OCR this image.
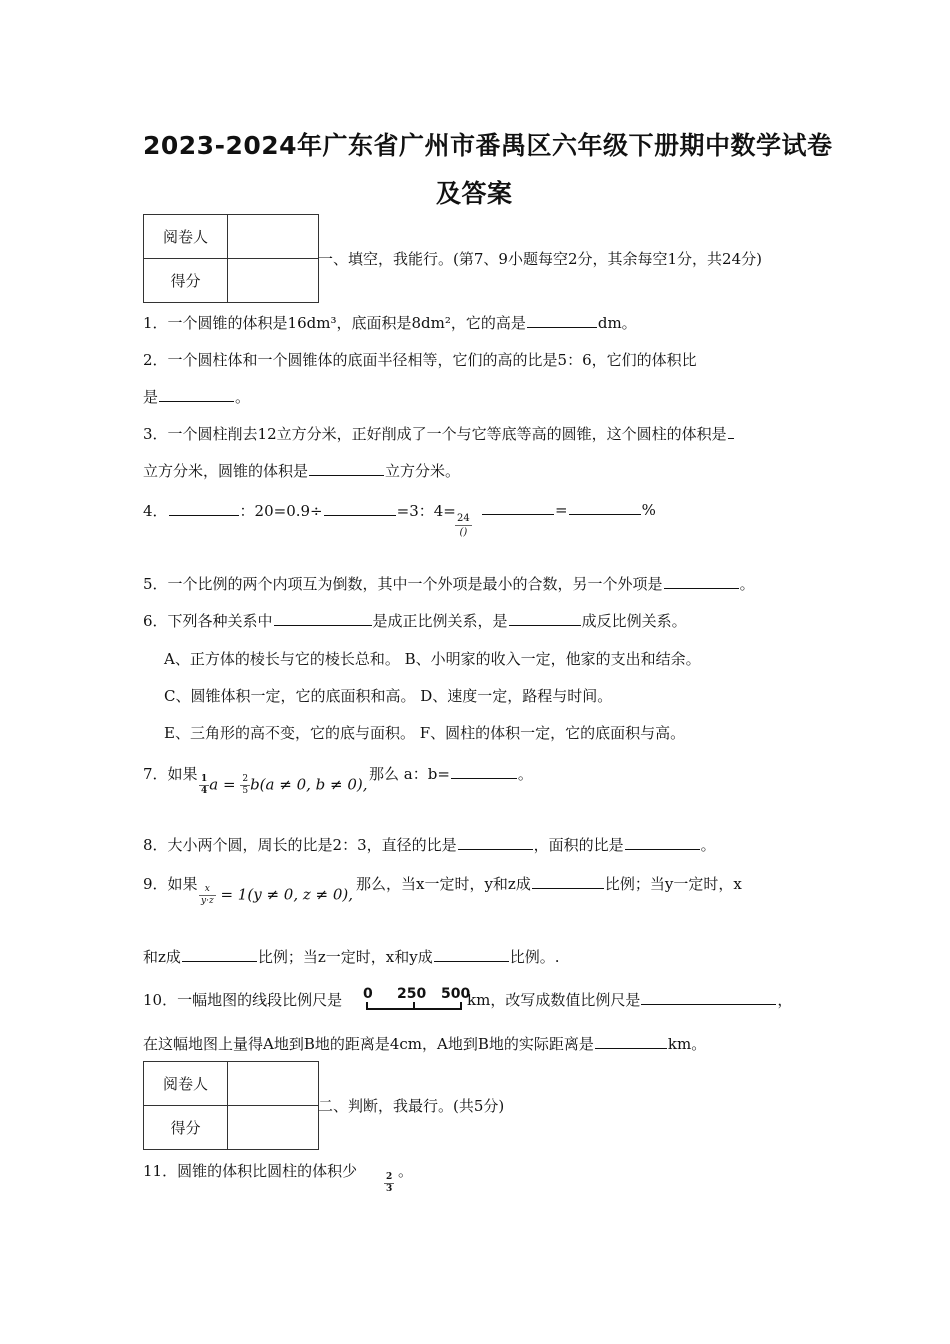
2023-2024年广东省广州市番禺区六年级下册期中数学试卷
及答案
阅卷人	
得分	
一、填空，我能行。(第7、9小题每空2分，其余每空1分，共24分)
1．一个圆锥的体积是16dm³，底面积是8dm²，它的高是	dm。
2．一个圆柱体和一个圆锥体的底面半径相等，它们的高的比是5：6，它们的体积比
是	。
3．一个圆柱削去12立方分米，正好削成了一个与它等底等高的圆锥，这个圆柱的体积是
立方分米，圆锥的体积是	立方分米。
4．	：20=0.9÷	=3：4=
$\frac{24}{()}$
=	%
5．一个比例的两个内项互为倒数，其中一个外项是最小的合数，另一个外项是	。
6．下列各种关系中	是成正比例关系，是	成反比例关系。
A、正方体的棱长与它的棱长总和。 B、小明家的收入一定，他家的支出和结余。
C、圆锥体积一定，它的底面积和高。 D、速度一定，路程与时间。
E、三角形的高不变，它的底与面积。 F、圆柱的体积一定，它的底面积与高。
7．如果 $\frac{1}{4}$ $a = \frac{2}{5} b(a \ne 0$, b ≠ 0),
那么 a：b=	。
8．大小两个圆，周长的比是2：3，直径的比是	，面积的比是	。
9．如果 $\frac{x}{y\cdot z} = 1(y \ne 0$, z ≠ 0),
那么，当x一定时，y和z成	比例；当y一定时，x
和z成	比例；当z一定时，x和y成	比例。.
10．一幅地图的线段比例尺是 0 250 500
km，改写成数值比例尺是	，
在这幅地图上量得A地到B地的距离是4cm，A地到B地的实际距离是	km。
阅卷人	
得分	
二、判断，我最行。(共5分)
11．圆锥的体积比圆柱的体积少
$\frac{2}{3}$
。
